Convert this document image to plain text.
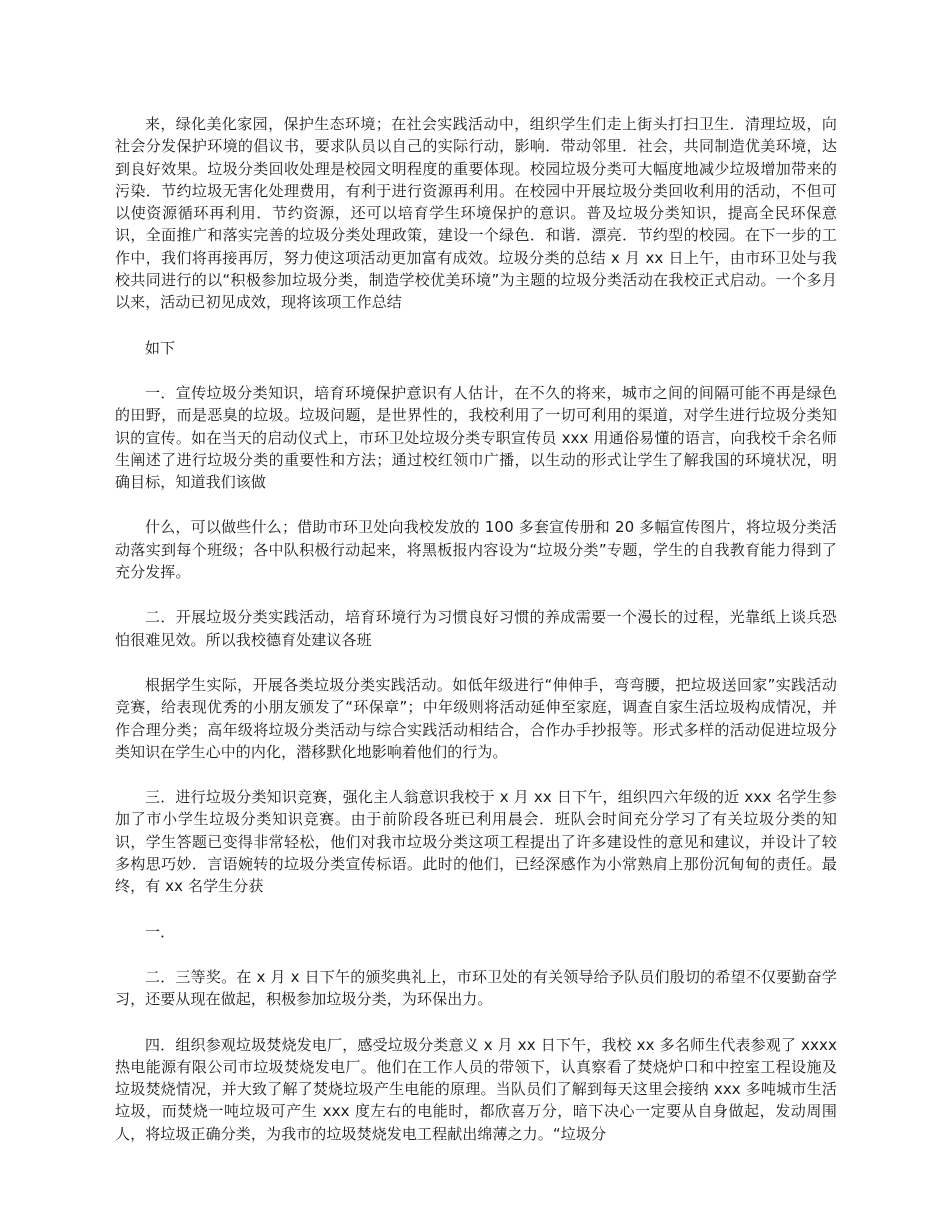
来，绿化美化家园，保护生态环境；在社会实践活动中，组织学生们走上街头打扫卫生．清理垃圾，向社会分发保护环境的倡议书，要求队员以自己的实际行动，影响．带动邻里．社会，共同制造优美环境，达到良好效果。垃圾分类回收处理是校园文明程度的重要体现。校园垃圾分类可大幅度地减少垃圾增加带来的污染．节约垃圾无害化处理费用，有利于进行资源再利用。在校园中开展垃圾分类回收利用的活动，不但可以使资源循环再利用．节约资源，还可以培育学生环境保护的意识。普及垃圾分类知识，提高全民环保意识，全面推广和落实完善的垃圾分类处理政策，建设一个绿色．和谐．漂亮．节约型的校园。在下一步的工作中，我们将再接再厉，努力使这项活动更加富有成效。垃圾分类的总结 x 月 xx 日上午，由市环卫处与我校共同进行的以“积极参加垃圾分类，制造学校优美环境”为主题的垃圾分类活动在我校正式启动。一个多月以来，活动已初见成效，现将该项工作总结

如下

一．宣传垃圾分类知识，培育环境保护意识有人估计，在不久的将来，城市之间的间隔可能不再是绿色的田野，而是恶臭的垃圾。垃圾问题，是世界性的，我校利用了一切可利用的渠道，对学生进行垃圾分类知识的宣传。如在当天的启动仪式上，市环卫处垃圾分类专职宣传员 xxx 用通俗易懂的语言，向我校千余名师生阐述了进行垃圾分类的重要性和方法；通过校红领巾广播，以生动的形式让学生了解我国的环境状况，明确目标，知道我们该做

什么，可以做些什么；借助市环卫处向我校发放的 100 多套宣传册和 20 多幅宣传图片，将垃圾分类活动落实到每个班级；各中队积极行动起来，将黑板报内容设为“垃圾分类”专题，学生的自我教育能力得到了充分发挥。

二．开展垃圾分类实践活动，培育环境行为习惯良好习惯的养成需要一个漫长的过程，光靠纸上谈兵恐怕很难见效。所以我校德育处建议各班

根据学生实际，开展各类垃圾分类实践活动。如低年级进行“伸伸手，弯弯腰，把垃圾送回家”实践活动竞赛，给表现优秀的小朋友颁发了“环保章”；中年级则将活动延伸至家庭，调查自家生活垃圾构成情况，并作合理分类；高年级将垃圾分类活动与综合实践活动相结合，合作办手抄报等。形式多样的活动促进垃圾分类知识在学生心中的内化，潜移默化地影响着他们的行为。

三．进行垃圾分类知识竞赛，强化主人翁意识我校于 x 月 xx 日下午，组织四六年级的近 xxx 名学生参加了市小学生垃圾分类知识竞赛。由于前阶段各班已利用晨会．班队会时间充分学习了有关垃圾分类的知识，学生答题已变得非常轻松，他们对我市垃圾分类这项工程提出了许多建设性的意见和建议，并设计了较多构思巧妙．言语婉转的垃圾分类宣传标语。此时的他们，已经深感作为小常熟肩上那份沉甸甸的责任。最终，有 xx 名学生分获

一．

二．三等奖。在 x 月 x 日下午的颁奖典礼上，市环卫处的有关领导给予队员们殷切的希望不仅要勤奋学习，还要从现在做起，积极参加垃圾分类，为环保出力。

四．组织参观垃圾焚烧发电厂，感受垃圾分类意义 x 月 xx 日下午，我校 xx 多名师生代表参观了 xxxx 热电能源有限公司市垃圾焚烧发电厂。他们在工作人员的带领下，认真察看了焚烧炉口和中控室工程设施及垃圾焚烧情况，并大致了解了焚烧垃圾产生电能的原理。当队员们了解到每天这里会接纳 xxx 多吨城市生活垃圾，而焚烧一吨垃圾可产生 xxx 度左右的电能时，都欣喜万分，暗下决心一定要从自身做起，发动周围人，将垃圾正确分类，为我市的垃圾焚烧发电工程献出绵薄之力。“垃圾分
